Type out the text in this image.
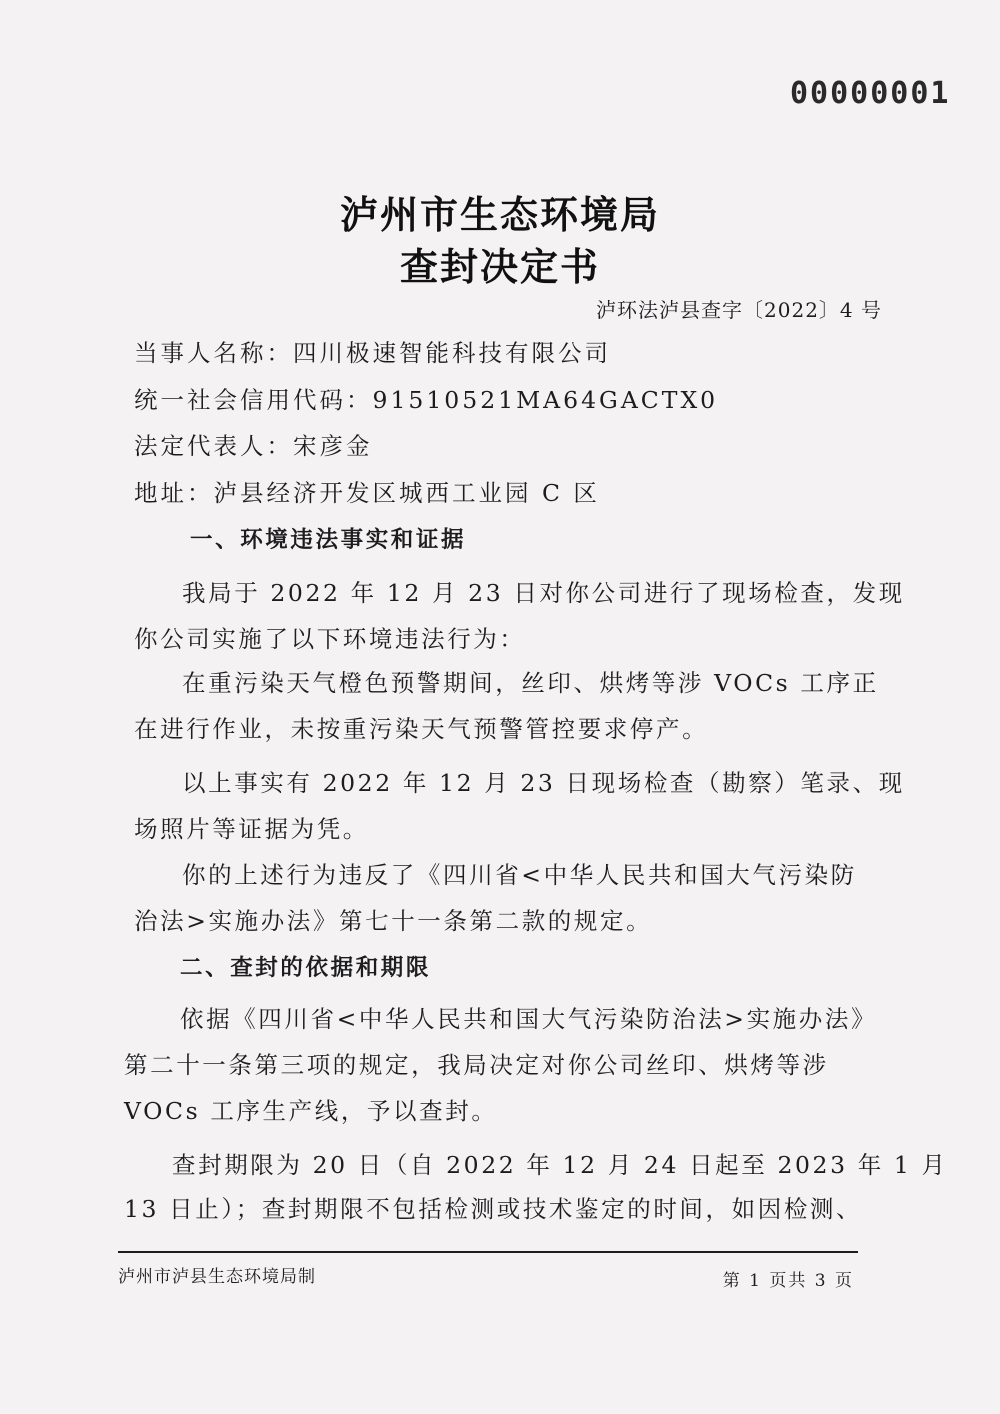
00000001
泸州市生态环境局
查封决定书
泸环法泸县查字〔2022〕4 号
当事人名称：四川极速智能科技有限公司
统一社会信用代码：91510521MA64GACTX0
法定代表人：宋彦金
地址：泸县经济开发区城西工业园 C 区
一、环境违法事实和证据
我局于 2022 年 12 月 23 日对你公司进行了现场检查，发现
你公司实施了以下环境违法行为：
在重污染天气橙色预警期间，丝印、烘烤等涉 VOCs 工序正
在进行作业，未按重污染天气预警管控要求停产。
以上事实有 2022 年 12 月 23 日现场检查（勘察）笔录、现
场照片等证据为凭。
你的上述行为违反了《四川省<中华人民共和国大气污染防
治法>实施办法》第七十一条第二款的规定。
二、查封的依据和期限
依据《四川省<中华人民共和国大气污染防治法>实施办法》
第二十一条第三项的规定，我局决定对你公司丝印、烘烤等涉
VOCs 工序生产线，予以查封。
查封期限为 20 日（自 2022 年 12 月 24 日起至 2023 年 1 月
13 日止）；查封期限不包括检测或技术鉴定的时间，如因检测、
泸州市泸县生态环境局制	第 1 页共 3 页
